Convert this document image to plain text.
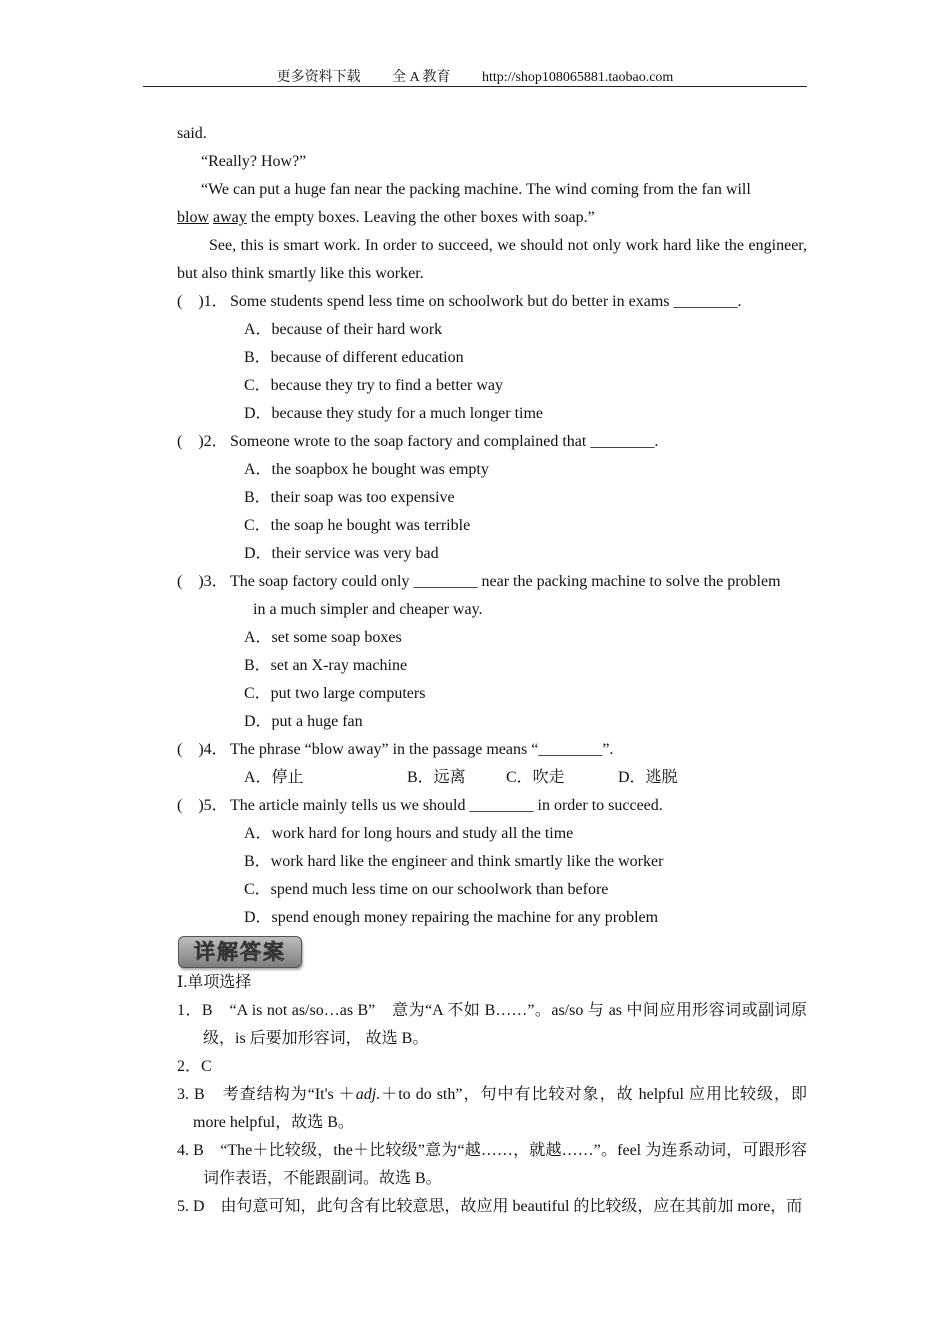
更多资料下载 全 A 教育 http://shop108065881.taobao.com

said.

“Really? How?”

“We can put a huge fan near the packing machine. The wind coming from the fan will

blow away the empty boxes. Leaving the other boxes with soap.”

See, this is smart work. In order to succeed, we should not only work hard like the engineer, but also think smartly like this worker.

(    )1． Some students spend less time on schoolwork but do better in exams ________.
A．because of their hard work
B．because of different education
C．because they try to find a better way
D．because they study for a much longer time
(    )2． Someone wrote to the soap factory and complained that ________.
A．the soapbox he bought was empty
B．their soap was too expensive
C．the soap he bought was terrible
D．their service was very bad
(    )3． The soap factory could only ________ near the packing machine to solve the problem
in a much simpler and cheaper way.
A．set some soap boxes
B．set an X-ray machine
C．put two large computers
D．put a huge fan
(    )4． The phrase “blow away” in the passage means “________”.
A．停止	B．远离	C．吹走	D．逃脱
(    )5． The article mainly tells us we should ________ in order to succeed.
A．work hard for long hours and study all the time
B．work hard like the engineer and think smartly like the worker
C．spend much less time on our schoolwork than before
D．spend enough money repairing the machine for any problem
详解答案

Ⅰ.单项选择

1．B　“A is not as/so…as B”　意为“A 不如 B……”。as/so 与 as 中间应用形容词或副词原级，is 后要加形容词， 故选 B。

2．C

3. B　考查结构为“It's ＋adj.＋to do sth”，句中有比较对象，故 helpful 应用比较级，即 more helpful，故选 B。

4. B　“The＋比较级，the＋比较级”意为“越……，就越……”。feel 为连系动词，可跟形容词作表语，不能跟副词。故选 B。

5. D　由句意可知，此句含有比较意思，故应用 beautiful 的比较级，应在其前加 more，而
